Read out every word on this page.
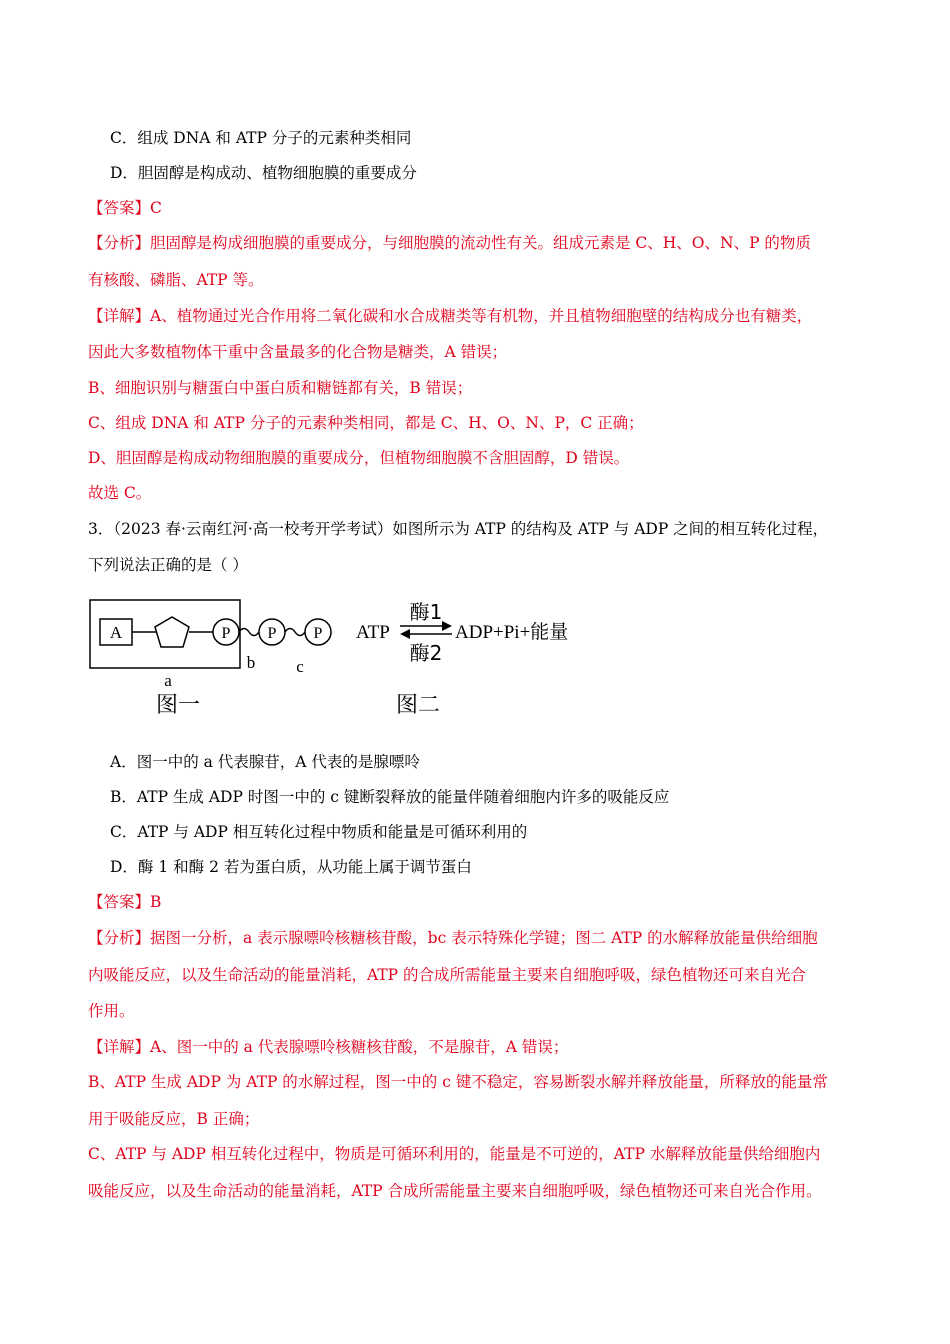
C．组成 DNA 和 ATP 分子的元素种类相同
D．胆固醇是构成动、植物细胞膜的重要成分
【答案】C
【分析】胆固醇是构成细胞膜的重要成分，与细胞膜的流动性有关。组成元素是 C、H、O、N、P 的物质
有核酸、磷脂、ATP 等。
【详解】A、植物通过光合作用将二氧化碳和水合成糖类等有机物，并且植物细胞壁的结构成分也有糖类，
因此大多数植物体干重中含量最多的化合物是糖类，A 错误；
B、细胞识别与糖蛋白中蛋白质和糖链都有关，B 错误；
C、组成 DNA 和 ATP 分子的元素种类相同，都是 C、H、O、N、P，C 正确；
D、胆固醇是构成动物细胞膜的重要成分，但植物细胞膜不含胆固醇，D 错误。
故选 C。
3．（2023 春·云南红河·高一校考开学考试）如图所示为 ATP 的结构及 ATP 与 ADP 之间的相互转化过程，
下列说法正确的是（ ）
A	P P P
b c
a
图一
ATP
酶1
酶2
ADP+Pi+能量
图二
A．图一中的 a 代表腺苷，A 代表的是腺嘌呤
B．ATP 生成 ADP 时图一中的 c 键断裂释放的能量伴随着细胞内许多的吸能反应
C．ATP 与 ADP 相互转化过程中物质和能量是可循环利用的
D．酶 1 和酶 2 若为蛋白质，从功能上属于调节蛋白
【答案】B
【分析】据图一分析，a 表示腺嘌呤核糖核苷酸，bc 表示特殊化学键；图二 ATP 的水解释放能量供给细胞
内吸能反应，以及生命活动的能量消耗，ATP 的合成所需能量主要来自细胞呼吸，绿色植物还可来自光合
作用。
【详解】A、图一中的 a 代表腺嘌呤核糖核苷酸，不是腺苷，A 错误；
B、ATP 生成 ADP 为 ATP 的水解过程，图一中的 c 键不稳定，容易断裂水解并释放能量，所释放的能量常
用于吸能反应，B 正确；
C、ATP 与 ADP 相互转化过程中，物质是可循环利用的，能量是不可逆的，ATP 水解释放能量供给细胞内
吸能反应，以及生命活动的能量消耗，ATP 合成所需能量主要来自细胞呼吸，绿色植物还可来自光合作用。
